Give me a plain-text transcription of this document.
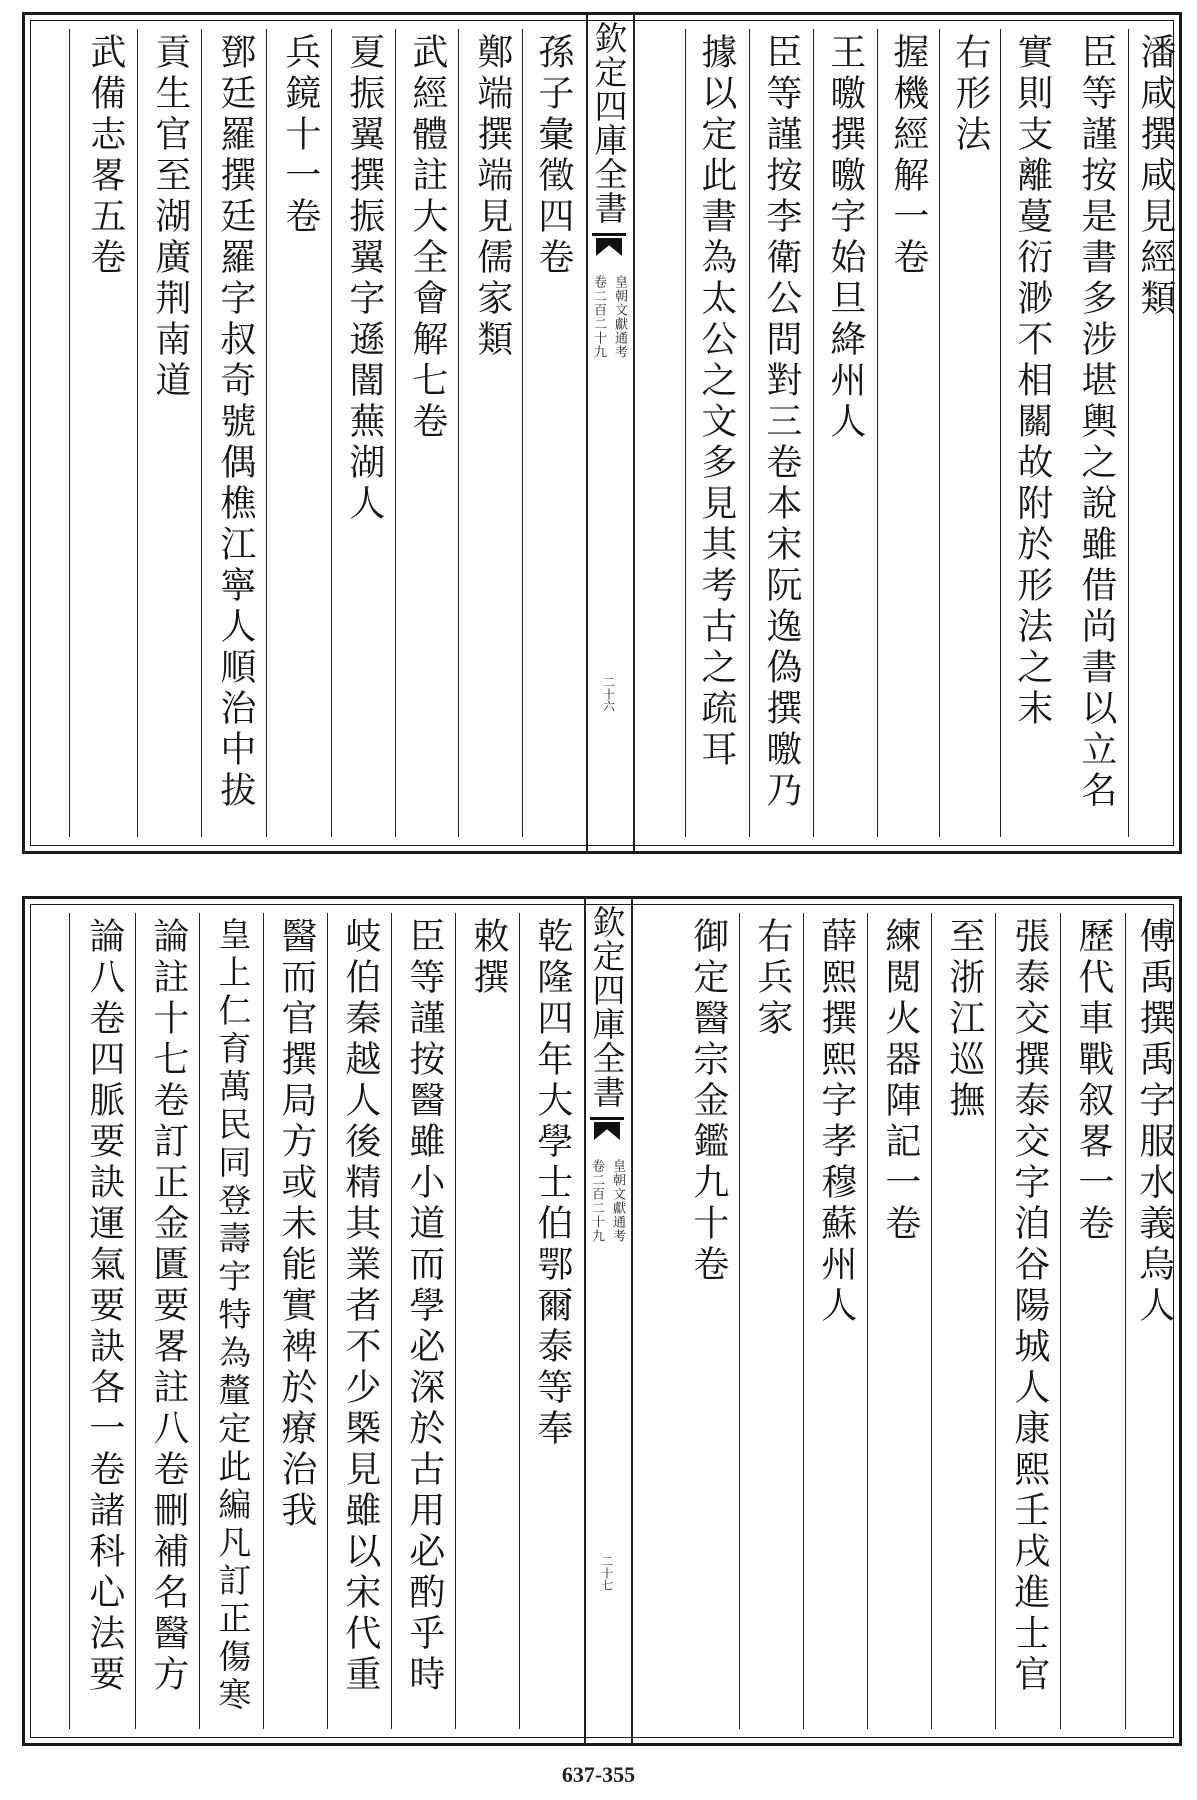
潘咸撰咸見經類
臣等謹按是書多涉堪輿之說雖借尚書以立名
實則支離蔓衍渺不相關故附於形法之末
右形法
握機經解一卷
王曒撰曒字始旦絳州人
臣等謹按李衛公問對三卷本宋阮逸偽撰曒乃
據以定此書為太公之文多見其考古之疏耳
欽定四庫全書
皇朝文獻通考
卷二百二十九
二十六
孫子彙徵四卷
鄭端撰端見儒家類
武經體註大全會解七卷
夏振翼撰振翼字遜闇蕪湖人
兵鏡十一卷
鄧廷羅撰廷羅字叔奇號偶樵江寧人順治中拔
貢生官至湖廣荆南道
武備志畧五卷
傅禹撰禹字服水義烏人
歷代車戰叙畧一卷
張泰交撰泰交字洎谷陽城人康熙壬戌進士官
至浙江巡撫
練閲火器陣記一卷
薛熙撰熙字孝穆蘇州人
右兵家
御定醫宗金鑑九十卷
欽定四庫全書
皇朝文獻通考
卷二百二十九
二十七
乾隆四年大學士伯鄂爾泰等奉
敕撰
臣等謹按醫雖小道而學必深於古用必酌乎時
岐伯秦越人後精其業者不少槩見雖以宋代重
醫而官撰局方或未能實裨於療治我
皇上仁育萬民同登壽宇特為釐定此編凡訂正傷寒
論註十七卷訂正金匱要畧註八卷刪補名醫方
論八卷四脈要訣運氣要訣各一卷諸科心法要
637-355
